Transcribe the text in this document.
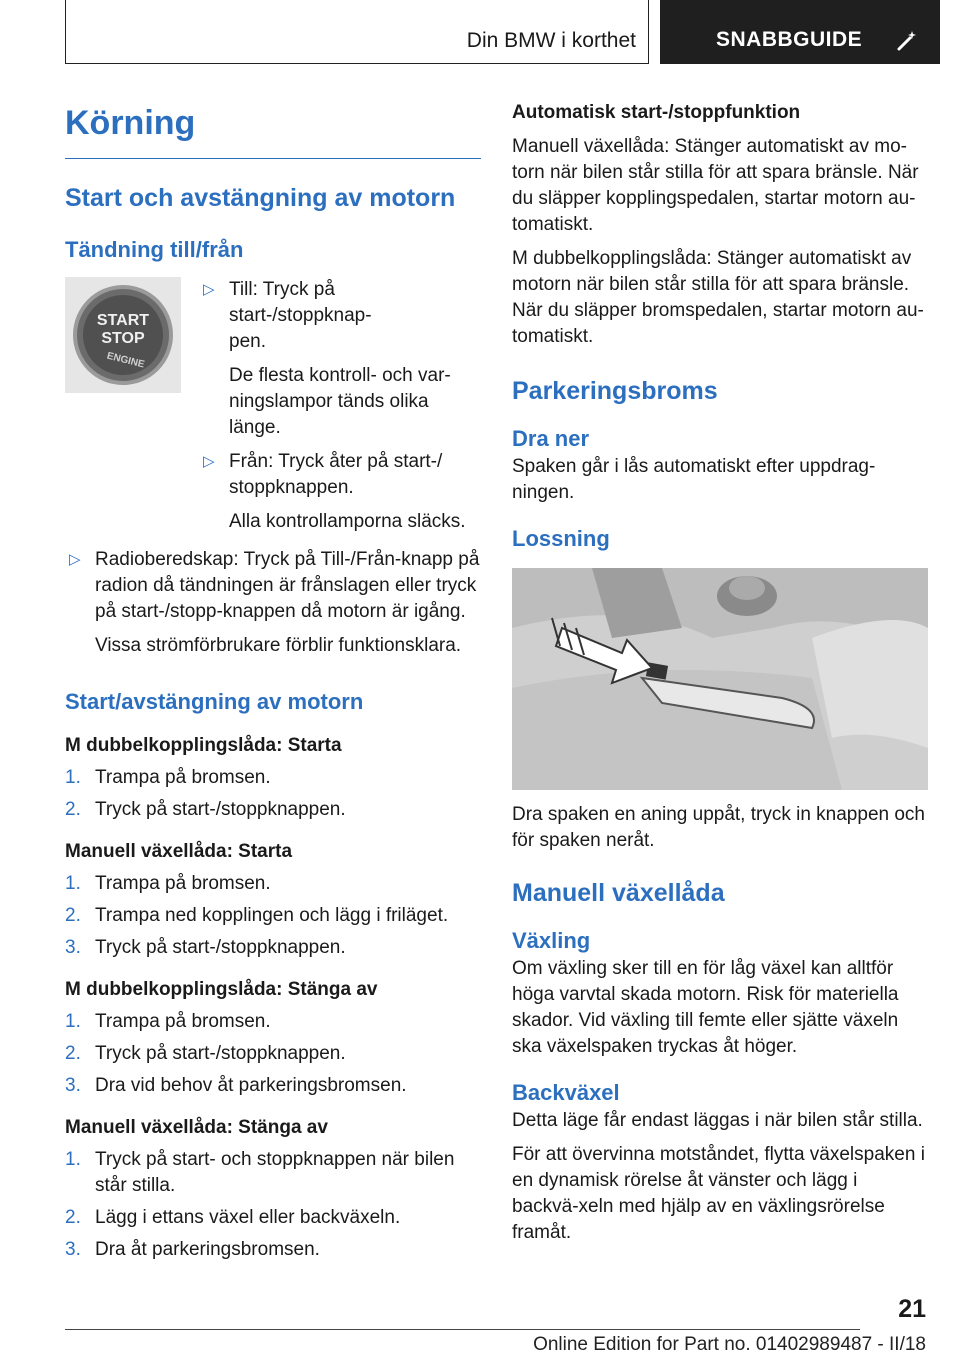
Din BMW i korthet	SNABBGUIDE
Körning
Start och avstängning av motorn
Tändning till/från
START
STOP
ENGINE
▷ Till: Tryck på start-/stoppknap-
pen.

De flesta kontroll- och var-
ningslampor tänds olika länge.

▷ Från: Tryck åter på start-/
stoppknappen.

Alla kontrollamporna släcks.

▷ Radioberedskap: Tryck på Till-/Från-knapp på radion då tändningen är frånslagen eller tryck på start-/stopp-knappen då motorn är igång.

Vissa strömförbrukare förblir funktionsklara.

Start/avstängning av motorn
M dubbelkopplingslåda: Starta
1. Trampa på bromsen.
2. Tryck på start-/stoppknappen.
Manuell växellåda: Starta
1. Trampa på bromsen.
2. Trampa ned kopplingen och lägg i friläget.
3. Tryck på start-/stoppknappen.
M dubbelkopplingslåda: Stänga av
1. Trampa på bromsen.
2. Tryck på start-/stoppknappen.
3. Dra vid behov åt parkeringsbromsen.
Manuell växellåda: Stänga av
1. Tryck på start- och stoppknappen när bilen står stilla.
2. Lägg i ettans växel eller backväxeln.
3. Dra åt parkeringsbromsen.
Automatisk start-/stoppfunktion

Manuell växellåda: Stänger automatiskt av mo-torn när bilen står stilla för att spara bränsle. När du släpper kopplingspedalen, startar motorn au-tomatiskt.

M dubbelkopplingslåda: Stänger automatiskt av motorn när bilen står stilla för att spara bränsle. När du släpper bromspedalen, startar motorn au-tomatiskt.

Parkeringsbroms
Dra ner

Spaken går i lås automatiskt efter uppdrag-ningen.

Lossning

Dra spaken en aning uppåt, tryck in knappen och för spaken neråt.

Manuell växellåda
Växling

Om växling sker till en för låg växel kan alltför höga varvtal skada motorn. Risk för materiella skador. Vid växling till femte eller sjätte växeln ska växelspaken tryckas åt höger.

Backväxel

Detta läge får endast läggas i när bilen står stilla.

För att övervinna motståndet, flytta växelspaken i en dynamisk rörelse åt vänster och lägg i backvä-xeln med hjälp av en växlingsrörelse framåt.

21
Online Edition for Part no. 01402989487 - II/18
